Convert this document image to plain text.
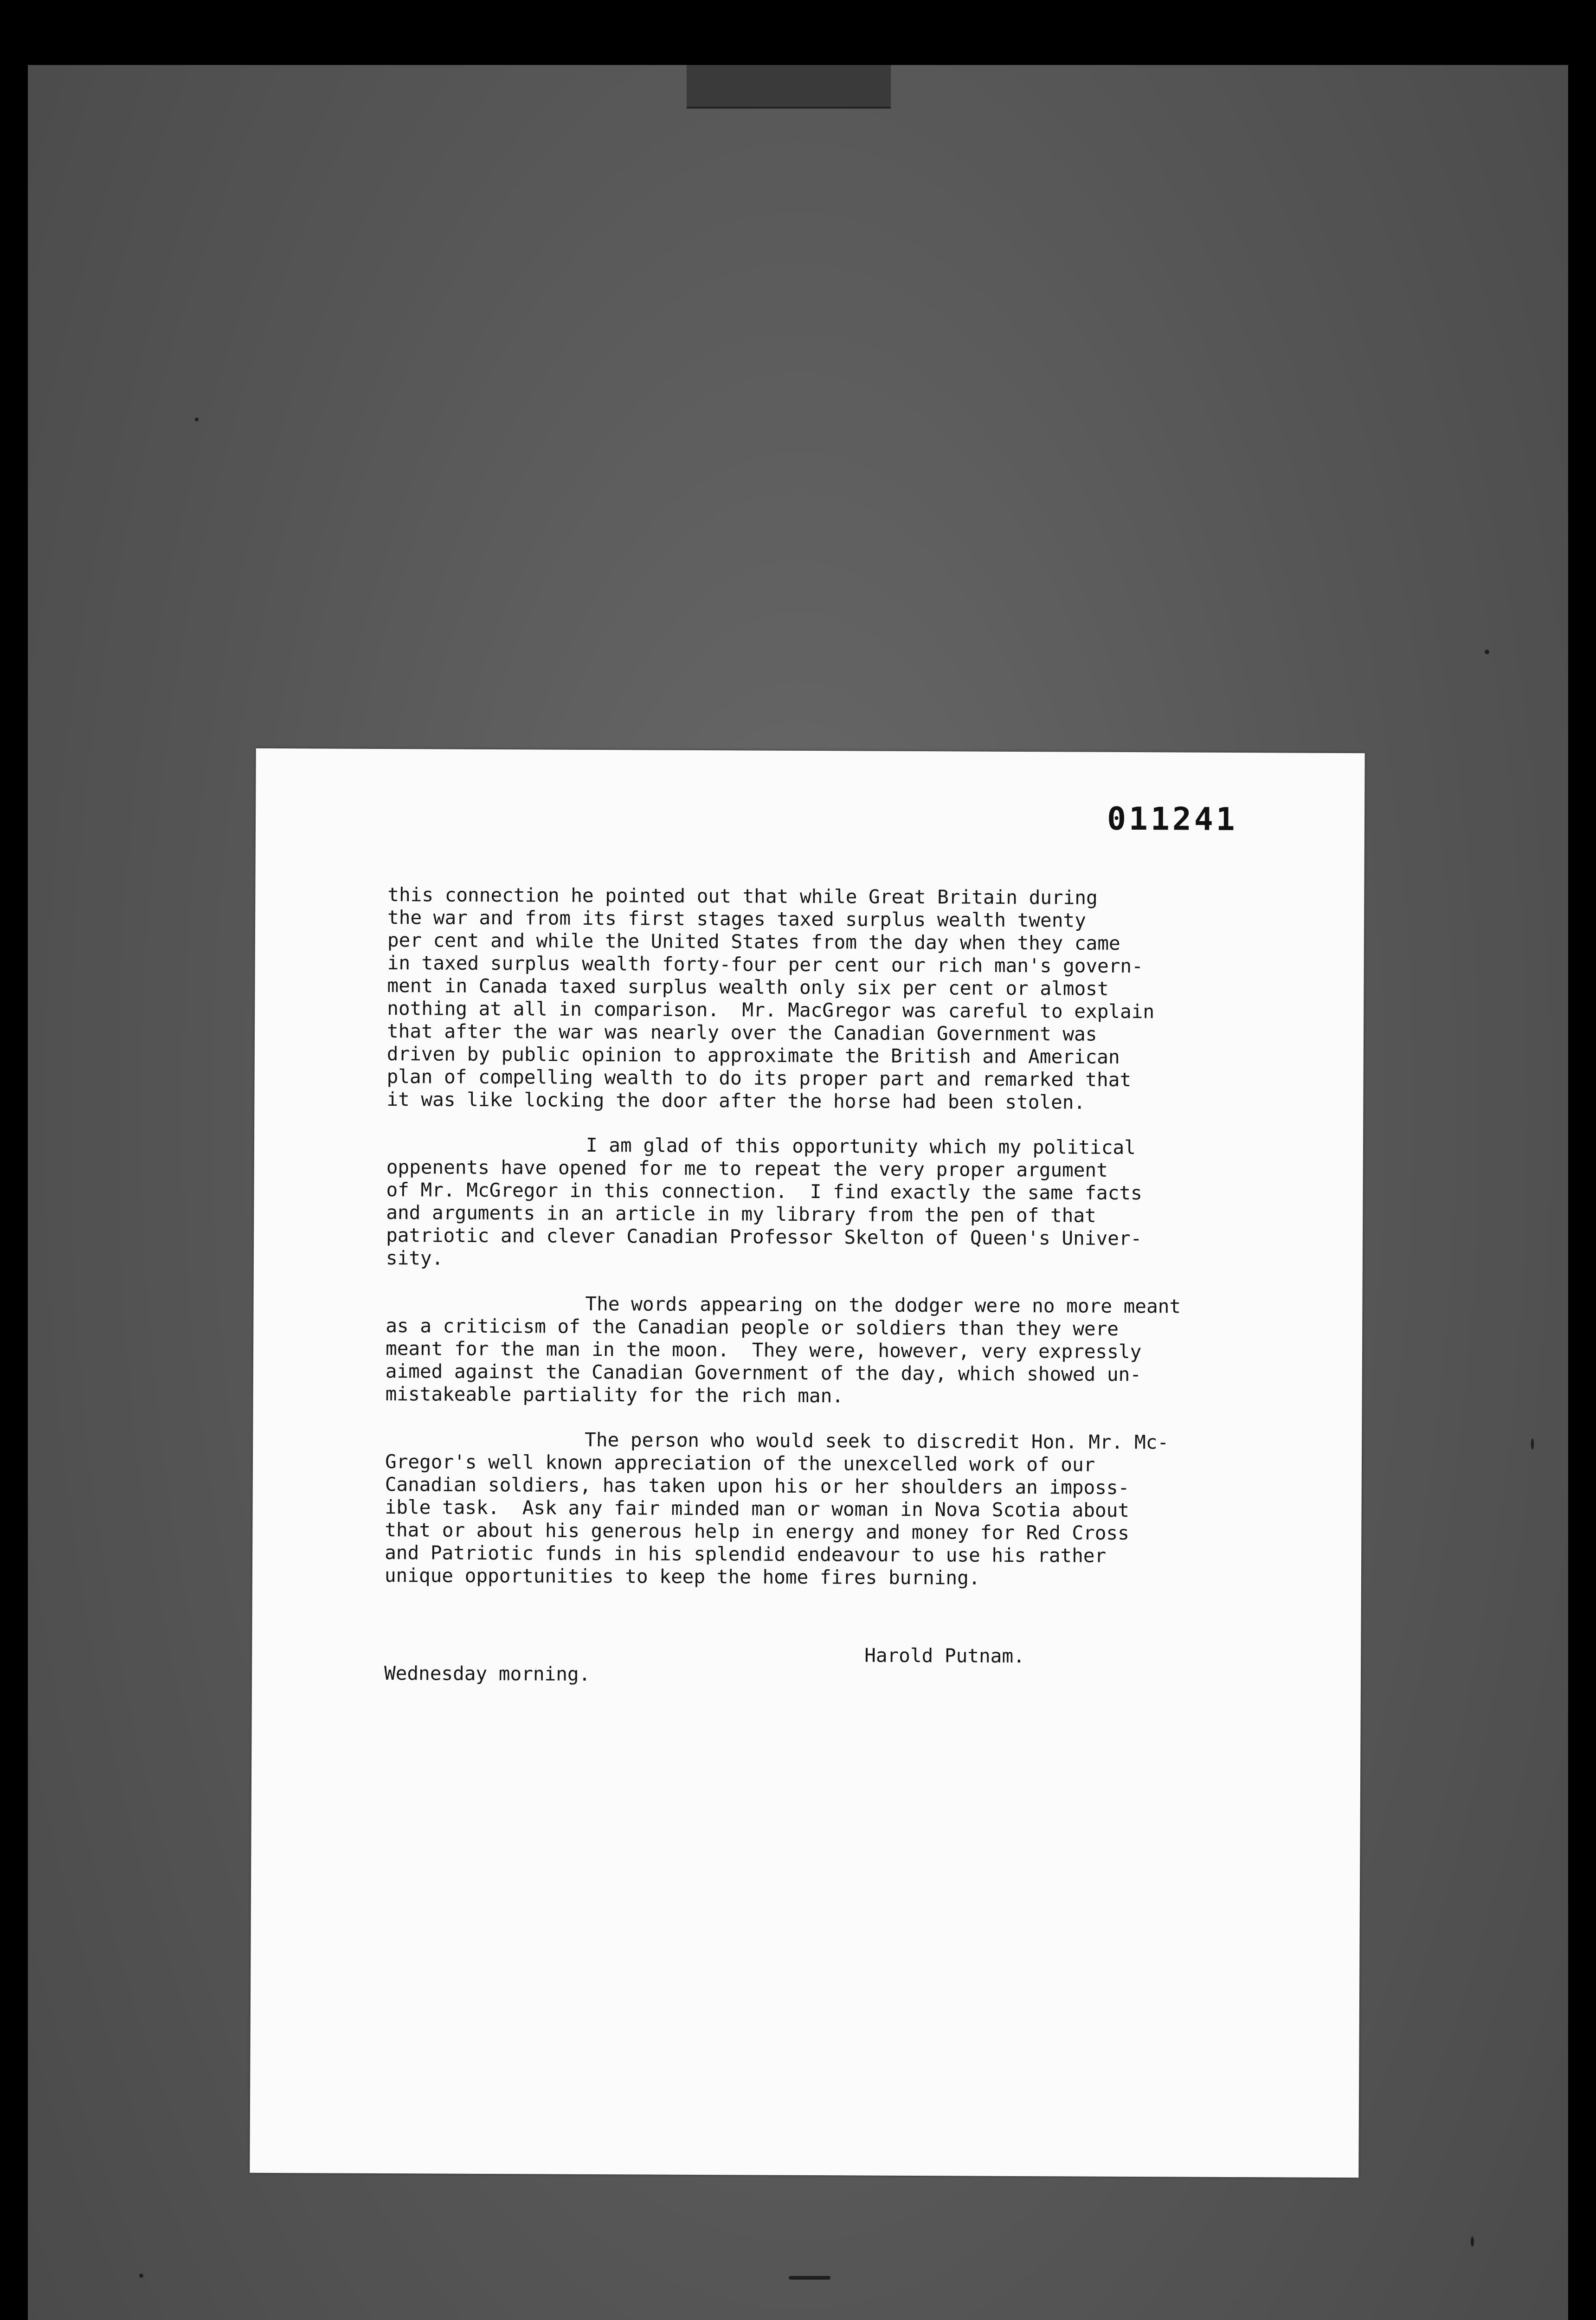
011241
this connection he pointed out that while Great Britain during
the war and from its first stages taxed surplus wealth twenty
per cent and while the United States from the day when they came
in taxed surplus wealth forty-four per cent our rich man's govern-
ment in Canada taxed surplus wealth only six per cent or almost
nothing at all in comparison.  Mr. MacGregor was careful to explain
that after the war was nearly over the Canadian Government was
driven by public opinion to approximate the British and American
plan of compelling wealth to do its proper part and remarked that
it was like locking the door after the horse had been stolen.
I am glad of this opportunity which my political
oppenents have opened for me to repeat the very proper argument
of Mr. McGregor in this connection.  I find exactly the same facts
and arguments in an article in my library from the pen of that
patriotic and clever Canadian Professor Skelton of Queen's Univer-
sity.
The words appearing on the dodger were no more meant
as a criticism of the Canadian people or soldiers than they were
meant for the man in the moon.  They were, however, very expressly
aimed against the Canadian Government of the day, which showed un-
mistakeable partiality for the rich man.
The person who would seek to discredit Hon. Mr. Mc-
Gregor's well known appreciation of the unexcelled work of our
Canadian soldiers, has taken upon his or her shoulders an imposs-
ible task.  Ask any fair minded man or woman in Nova Scotia about
that or about his generous help in energy and money for Red Cross
and Patriotic funds in his splendid endeavour to use his rather
unique opportunities to keep the home fires burning.
Harold Putnam.
Wednesday morning.
